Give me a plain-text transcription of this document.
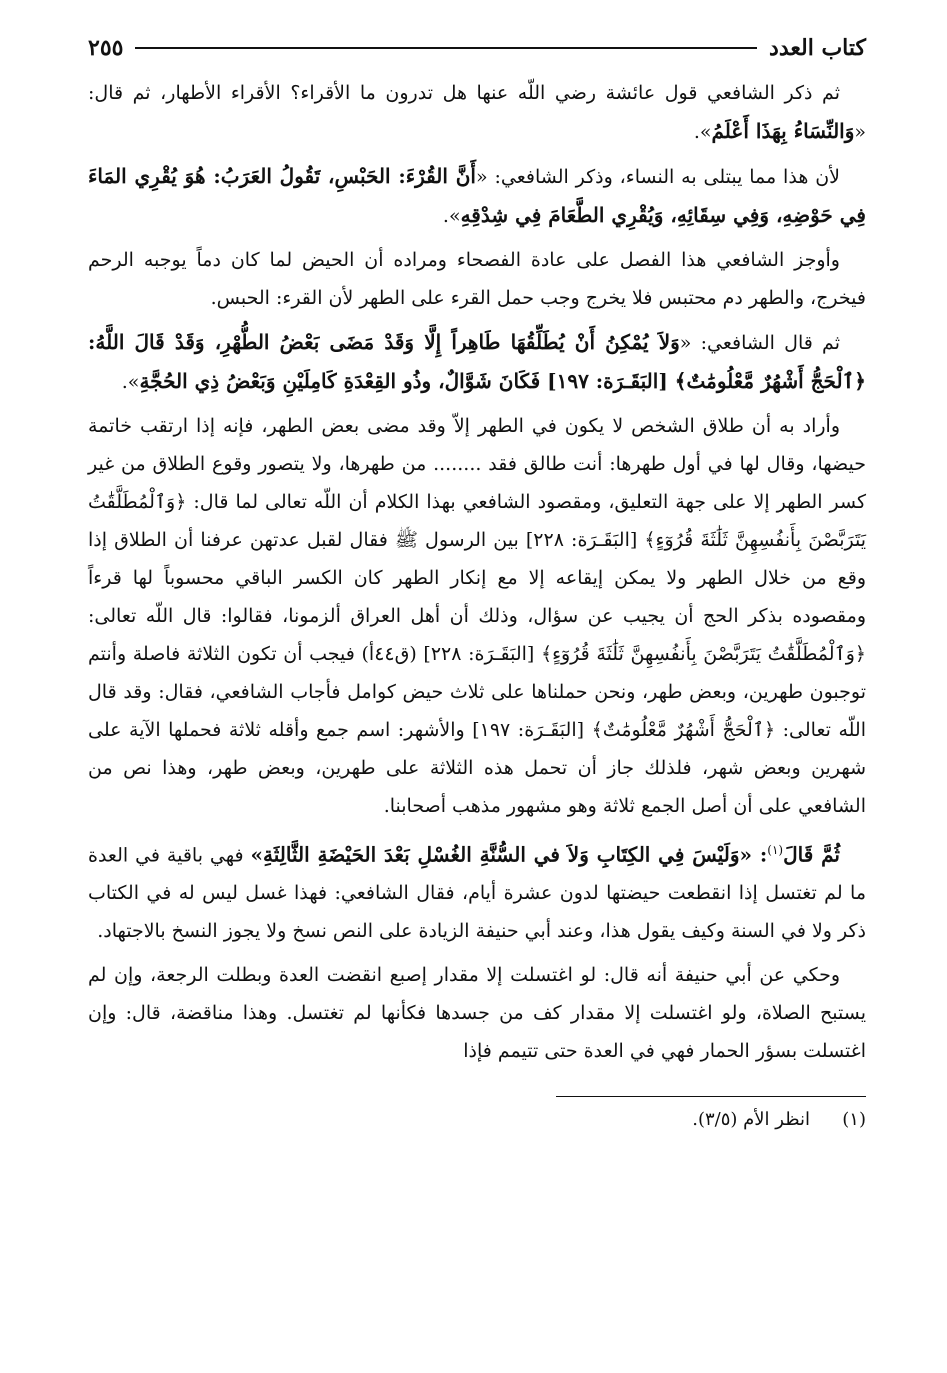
كتاب العدد
٢٥٥

ثم ذكر الشافعي قول عائشة رضي اللّه عنها هل تدرون ما الأقراء؟ الأقراء الأطهار، ثم قال: «وَالنِّسَاءُ بِهَذَا أَعْلَمُ».

لأن هذا مما يبتلى به النساء، وذكر الشافعي: «أَنَّ القُرْءَ: الحَبْسِ، تَقُولُ العَرَبُ: هُوَ يُقْرِي المَاءَ فِي حَوْضِهِ، وَفِي سِقَائِهِ، وَيُقْرِي الطَّعَامَ فِي شِدْقِهِ».

وأوجز الشافعي هذا الفصل على عادة الفصحاء ومراده أن الحيض لما كان دماً يوجبه الرحم فيخرج، والطهر دم محتبس فلا يخرج وجب حمل القرء على الطهر لأن القرء: الحبس.

ثم قال الشافعي: «وَلاَ يُمْكِنُ أَنْ يُطَلِّقُهَا طَاهِراً إِلَّا وَقَدْ مَضَى بَعْضُ الطُّهْرِ، وَقَدْ قَالَ اللَّهُ: ﴿ٱلْحَجُّ أَشْهُرٌ مَّعْلُومَٰتٌ﴾ [البَقَـرَة: ١٩٧] فَكَانَ شَوَّالٌ، وذُو القِعْدَةِ كَامِلَيْنِ وَبَعْضُ ذِي الحُجَّةِ».

وأراد به أن طلاق الشخص لا يكون في الطهر إلاّ وقد مضى بعض الطهر، فإنه إذا ارتقب خاتمة حيضها، وقال لها في أول طهرها: أنت طالق فقد ........ من طهرها، ولا يتصور وقوع الطلاق من غير كسر الطهر إلا على جهة التعليق، ومقصود الشافعي بهذا الكلام أن اللّه تعالى لما قال: ﴿وَٱلْمُطَلَّقَٰتُ يَتَرَبَّصْنَ بِأَنفُسِهِنَّ ثَلَٰثَةَ قُرُوٓءٍ﴾ [البَقَـرَة: ٢٢٨] بين الرسول ﷺ فقال لقبل عدتهن عرفنا أن الطلاق إذا وقع من خلال الطهر ولا يمكن إيقاعه إلا مع إنكار الطهر كان الكسر الباقي محسوباً لها قرءاً ومقصوده بذكر الحج أن يجيب عن سؤال، وذلك أن أهل العراق ألزمونا، فقالوا: قال اللّه تعالى: ﴿وَٱلْمُطَلَّقَٰتُ يَتَرَبَّصْنَ بِأَنفُسِهِنَّ ثَلَٰثَةَ قُرُوٓءٍ﴾ [البَقَـرَة: ٢٢٨] (ق٤٤أ) فيجب أن تكون الثلاثة فاصلة وأنتم توجبون طهرين، وبعض طهر، ونحن حملناها على ثلاث حيض كوامل فأجاب الشافعي، فقال: وقد قال اللّه تعالى: ﴿ٱلْحَجُّ أَشْهُرٌ مَّعْلُومَٰتٌ﴾ [البَقَـرَة: ١٩٧] والأشهر: اسم جمع وأقله ثلاثة فحملها الآية على شهرين وبعض شهر، فلذلك جاز أن تحمل هذه الثلاثة على طهرين، وبعض طهر، وهذا نص من الشافعي على أن أصل الجمع ثلاثة وهو مشهور مذهب أصحابنا.

ثُمَّ قَالَ$^{(١)}$: «وَلَيْسَ فِي الكِتَابِ وَلاَ في السُّنَّةِ الغُسْلِ بَعْدَ الحَيْضَةِ الثَّالِثَةِ» فهي باقية في العدة ما لم تغتسل إذا انقطعت حيضتها لدون عشرة أيام، فقال الشافعي: فهذا غسل ليس له في الكتاب ذكر ولا في السنة وكيف يقول هذا، وعند أبي حنيفة الزيادة على النص نسخ ولا يجوز النسخ بالاجتهاد.

وحكي عن أبي حنيفة أنه قال: لو اغتسلت إلا مقدار إصبع انقضت العدة وبطلت الرجعة، وإن لم يستبح الصلاة، ولو اغتسلت إلا مقدار كف من جسدها فكأنها لم تغتسل. وهذا مناقضة، قال: وإن اغتسلت بسؤر الحمار فهي في العدة حتى تتيمم فإذا

(١)انظر الأم (٣/٥).
